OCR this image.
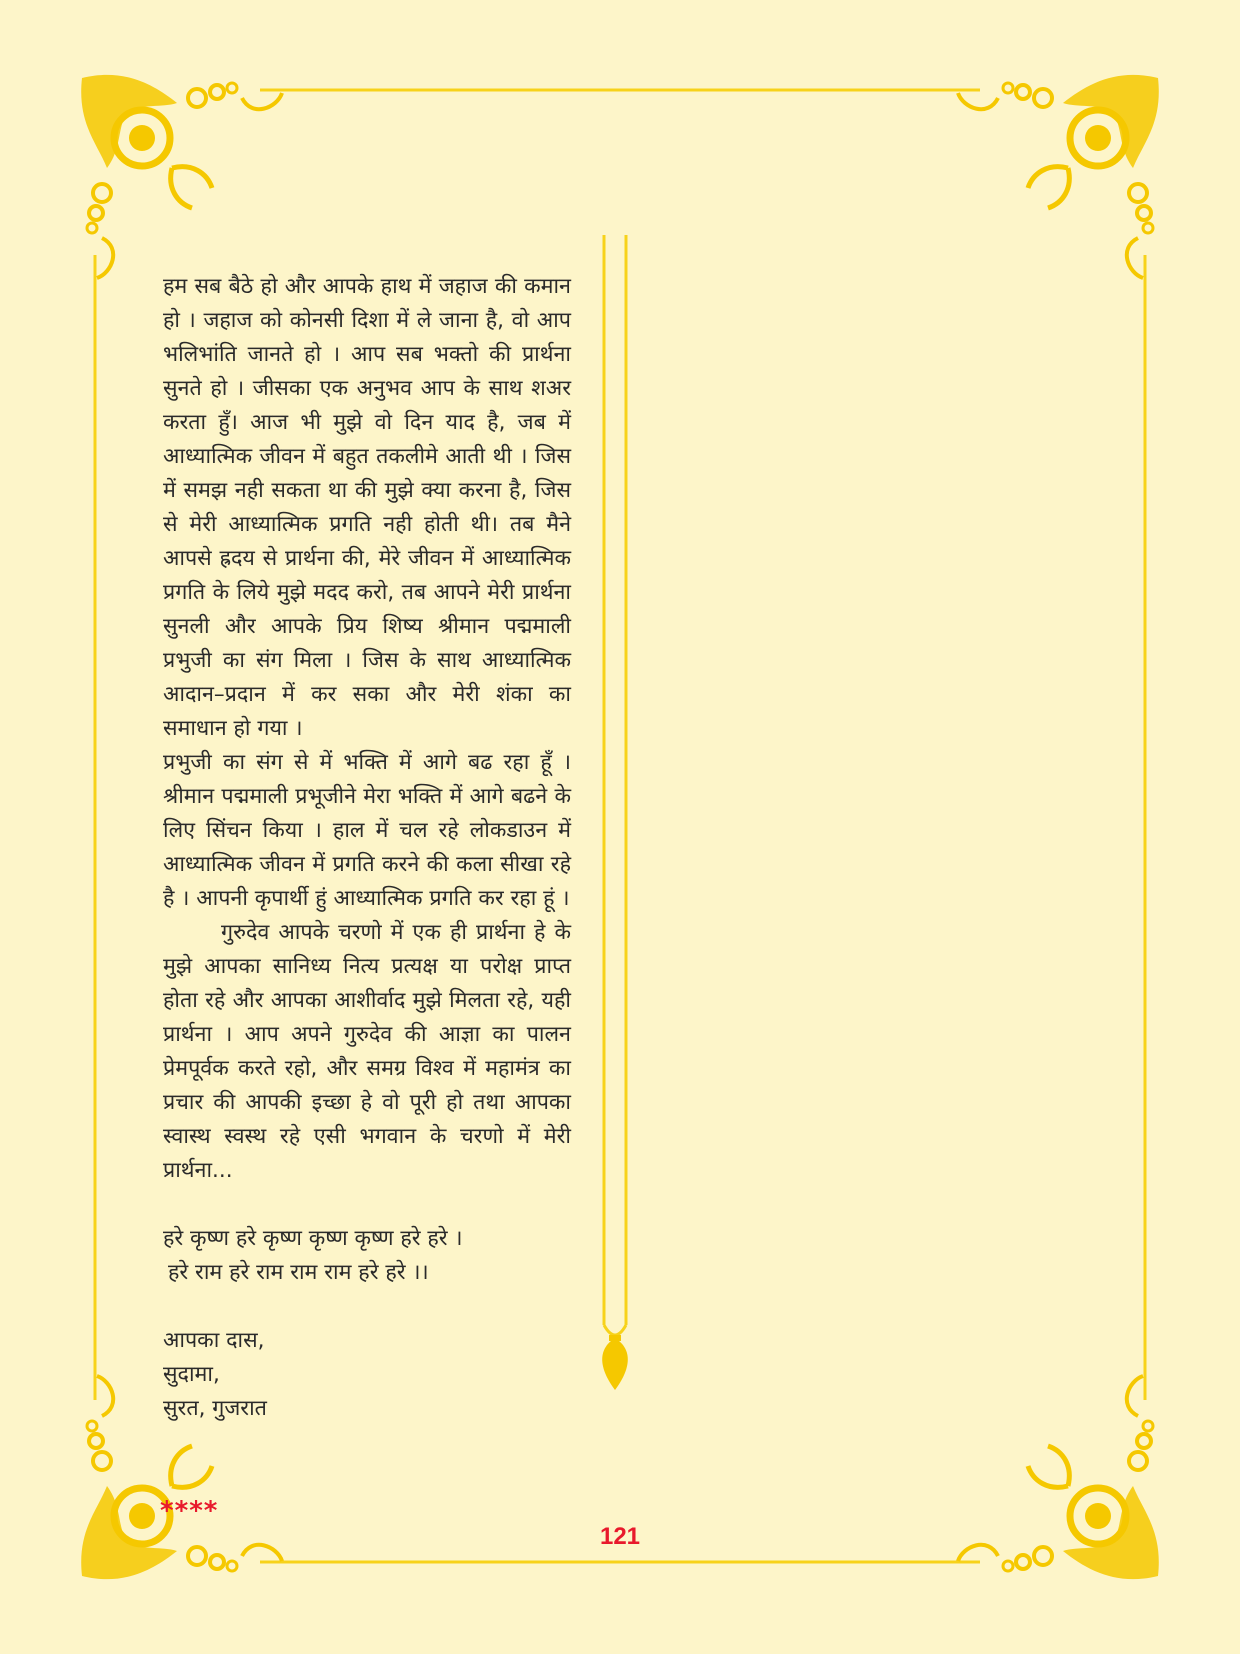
हम सब बैठे हो और आपके हाथ में जहाज की कमान हो । जहाज को कोनसी दिशा में ले जाना है, वो आप भलिभांति जानते हो । आप सब भक्तो की प्रार्थना सुनते हो । जीसका एक अनुभव आप के साथ शअर करता हुँ। आज भी मुझे वो दिन याद है, जब में आध्यात्मिक जीवन में बहुत तकलीमे आती थी । जिस में समझ नही सकता था की मुझे क्या करना है, जिस से मेरी आध्यात्मिक प्रगति नही होती थी। तब मैने आपसे ह्रदय से प्रार्थना की, मेरे जीवन में आध्यात्मिक प्रगति के लिये मुझे मदद करो, तब आपने मेरी प्रार्थना सुनली और आपके प्रिय शिष्य श्रीमान पद्ममाली प्रभुजी का संग मिला । जिस के साथ आध्यात्मिक आदान–प्रदान में कर सका और मेरी शंका का समाधान हो गया ।

प्रभुजी का संग से में भक्ति में आगे बढ रहा हूँ । श्रीमान पद्ममाली प्रभूजीने मेरा भक्ति में आगे बढने के लिए सिंचन किया । हाल में चल रहे लोकडाउन में आध्यात्मिक जीवन में प्रगति करने की कला सीखा रहे है । आपनी कृपार्थी हुं आध्यात्मिक प्रगति कर रहा हूं ।

गुरुदेव आपके चरणो में एक ही प्रार्थना हे के मुझे आपका सानिध्य नित्य प्रत्यक्ष या परोक्ष प्राप्त होता रहे और आपका आशीर्वाद मुझे मिलता रहे, यही प्रार्थना । आप अपने गुरुदेव की आज्ञा का पालन प्रेमपूर्वक करते रहो, और समग्र विश्व में महामंत्र का प्रचार की आपकी इच्छा हे वो पूरी हो तथा आपका स्वास्थ स्वस्थ रहे एसी भगवान के चरणो में मेरी प्रार्थना...

हरे कृष्ण हरे कृष्ण कृष्ण कृष्ण हरे हरे ।

हरे राम हरे राम राम राम हरे हरे ।।

आपका दास,

सुदामा,

सुरत, गुजरात

****
121
